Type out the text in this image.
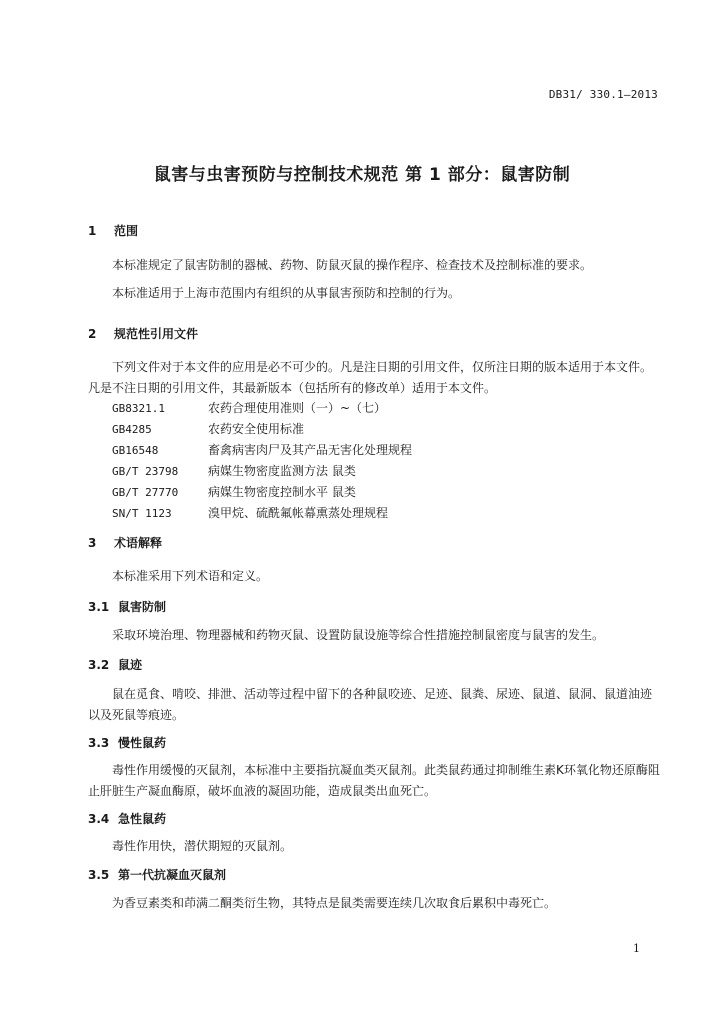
DB31/ 330.1—2013
鼠害与虫害预防与控制技术规范 第 1 部分：鼠害防制
1 范围
本标准规定了鼠害防制的器械、药物、防鼠灭鼠的操作程序、检查技术及控制标准的要求。
本标准适用于上海市范围内有组织的从事鼠害预防和控制的行为。
2 规范性引用文件
下列文件对于本文件的应用是必不可少的。凡是注日期的引用文件，仅所注日期的版本适用于本文件。凡是不注日期的引用文件，其最新版本（包括所有的修改单）适用于本文件。
GB8321.1	农药合理使用准则（一）~（七）
GB4285	农药安全使用标准
GB16548	畜禽病害肉尸及其产品无害化处理规程
GB/T 23798 病媒生物密度监测方法 鼠类
GB/T 27770 病媒生物密度控制水平 鼠类
SN/T 1123	溴甲烷、硫酰氟帐幕熏蒸处理规程
3 术语解释
本标准采用下列术语和定义。
3.1 鼠害防制
采取环境治理、物理器械和药物灭鼠、设置防鼠设施等综合性措施控制鼠密度与鼠害的发生。
3.2 鼠迹
鼠在觅食、啃咬、排泄、活动等过程中留下的各种鼠咬迹、足迹、鼠粪、尿迹、鼠道、鼠洞、鼠道油迹以及死鼠等痕迹。
3.3 慢性鼠药
毒性作用缓慢的灭鼠剂，本标准中主要指抗凝血类灭鼠剂。此类鼠药通过抑制维生素K环氧化物还原酶阻止肝脏生产凝血酶原，破坏血液的凝固功能，造成鼠类出血死亡。
3.4 急性鼠药
毒性作用快，潜伏期短的灭鼠剂。
3.5 第一代抗凝血灭鼠剂
为香豆素类和茚满二酮类衍生物，其特点是鼠类需要连续几次取食后累积中毒死亡。
1
